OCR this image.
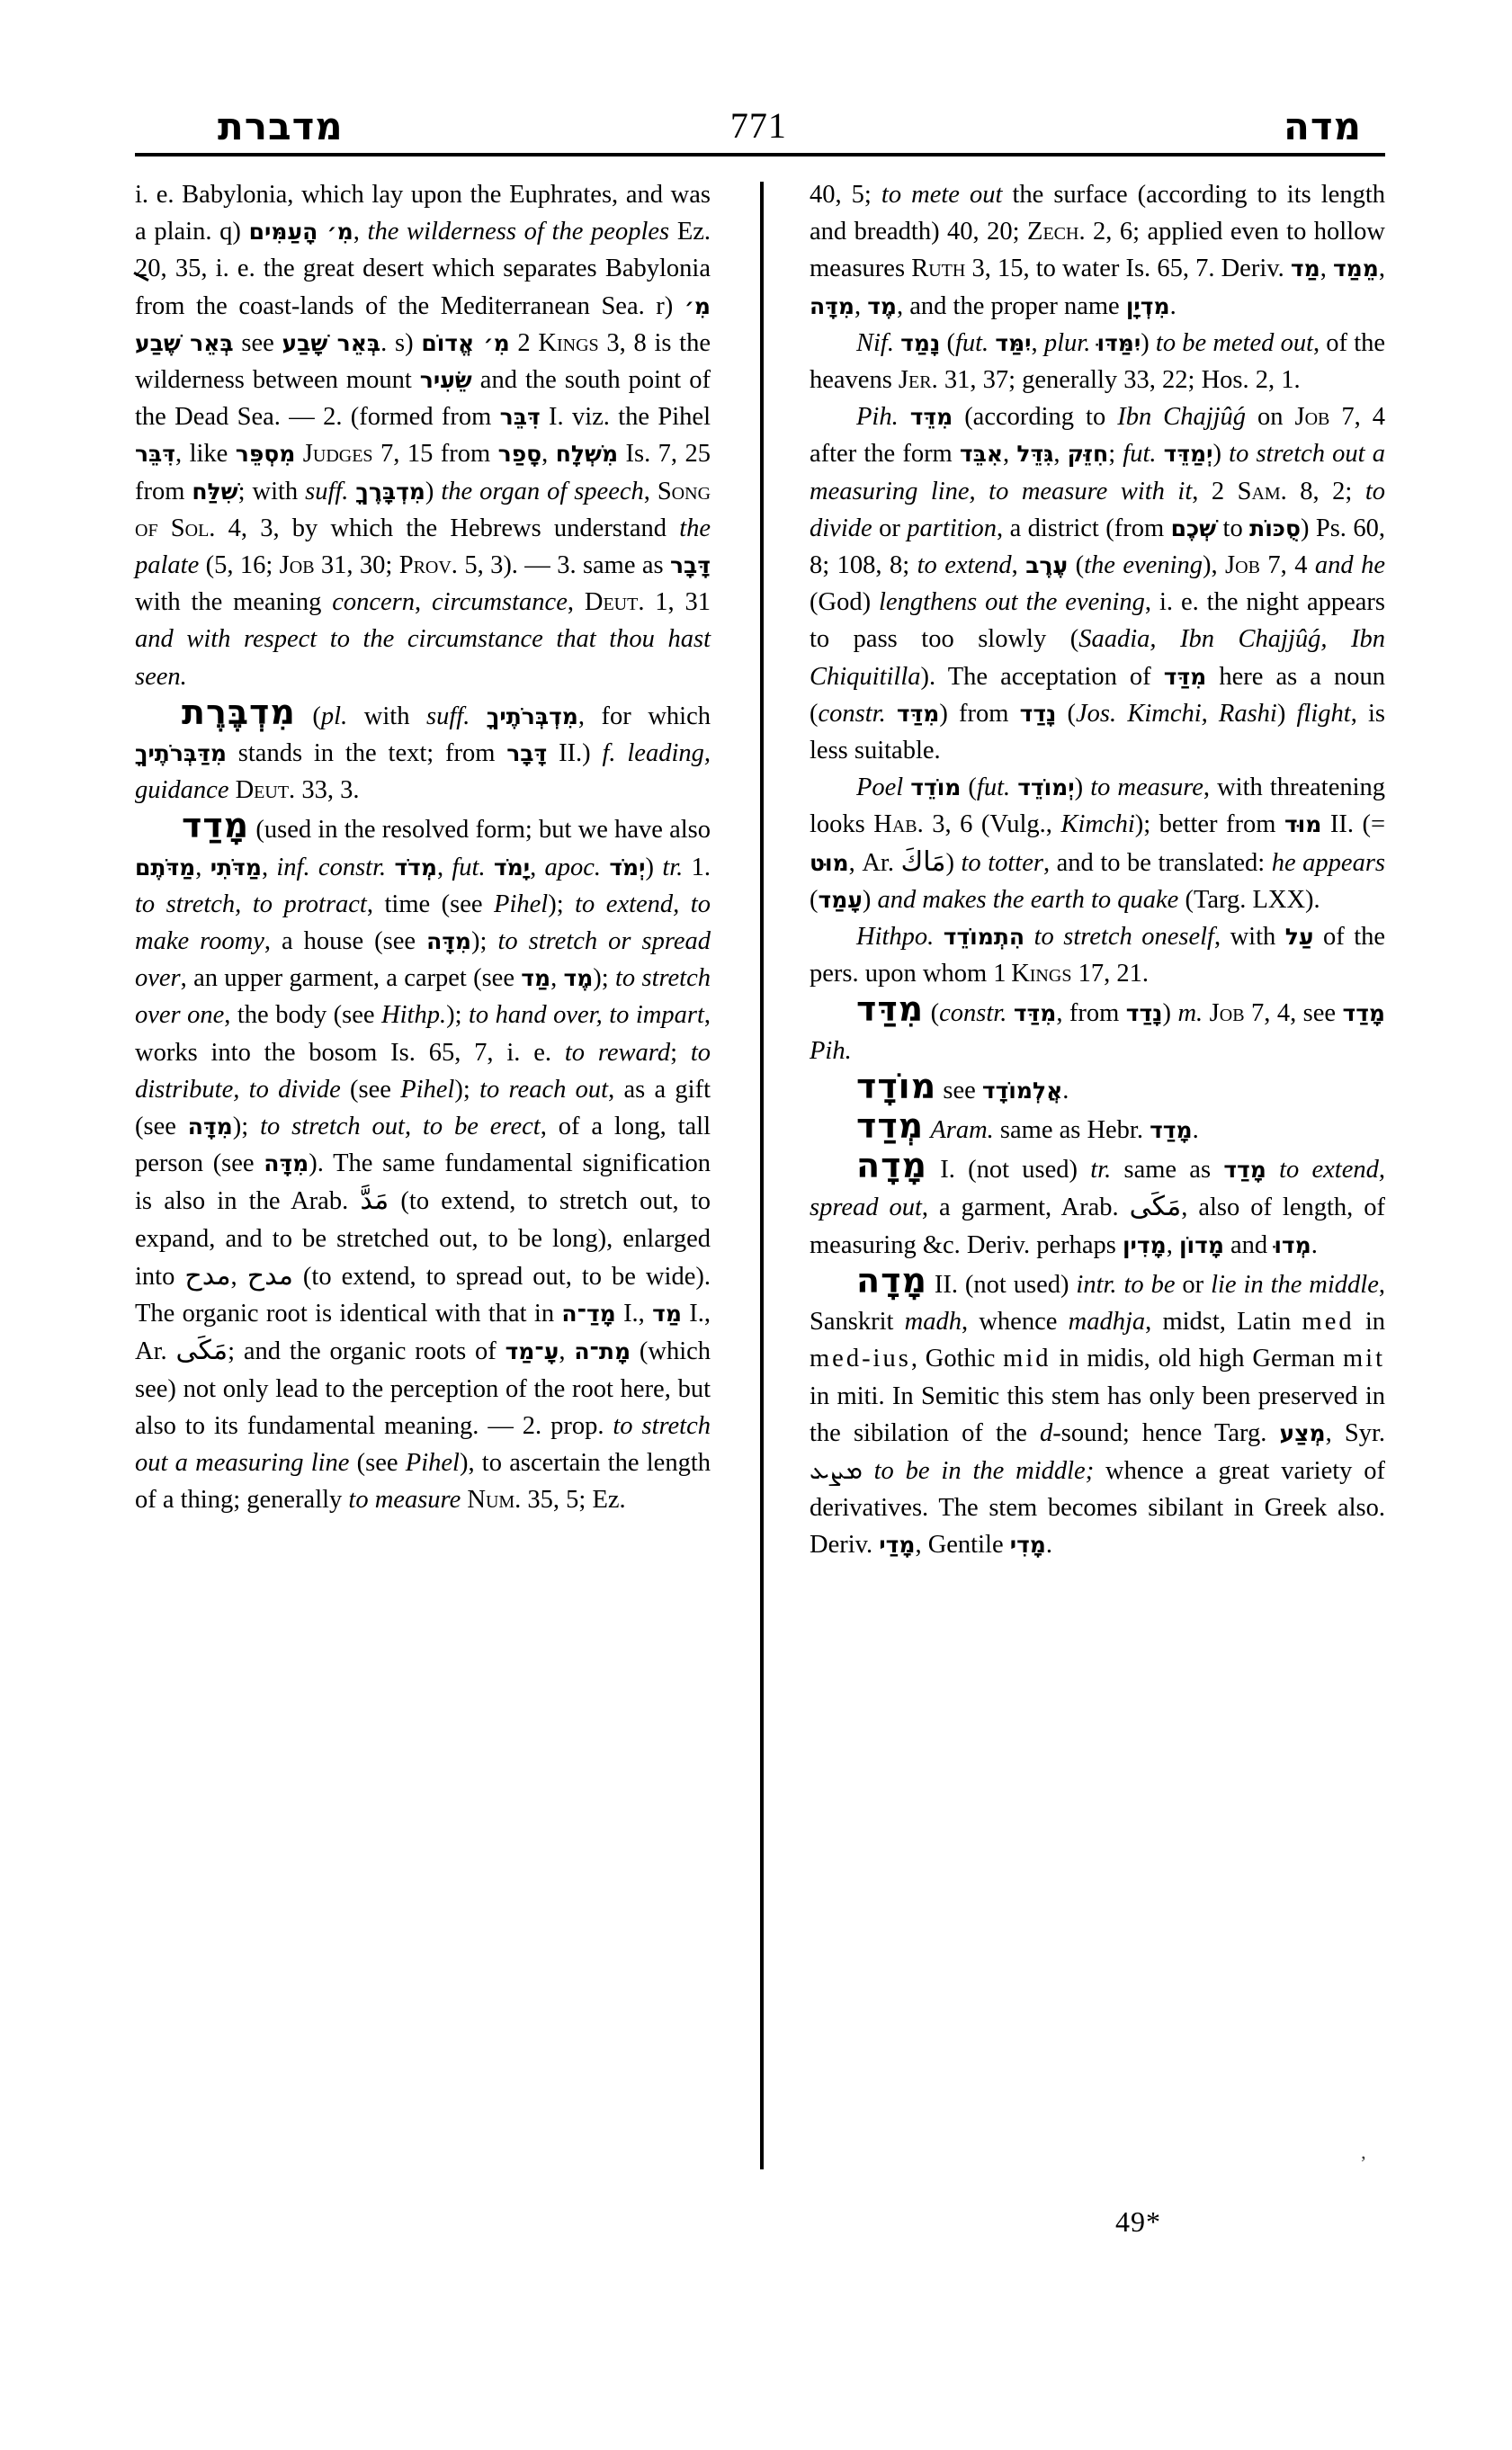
מדברת	771	מדה

i. e. Babylonia, which lay upon the Euphrates, and was a plain. q) מִ׳ הָעַמִּים, the wilderness of the peoples Ez. 20, 35, i. e. the great desert which separates Babylonia from the coast-lands of the Mediterranean Sea. r) מִ׳ בְּאֵר שֶׁבַע see בְּאֵר שָׁבַע. s) מִ׳ אֱדוֹם 2 Kings 3, 8 is the wilderness between mount שֵׂעִיר and the south point of the Dead Sea. — 2. (formed from דִּבֵּר I. viz. the Pihel דִּבֵּר, like מִסְפֵּר Judges 7, 15 from סָפַר, מִשְׁלָח Is. 7, 25 from שִׁלַּח; with suff. מִדְבָּרֶךָ) the organ of speech, Song of Sol. 4, 3, by which the Hebrews understand the palate (5, 16; Job 31, 30; Prov. 5, 3). — 3. same as דָּבָר with the meaning concern, circumstance, Deut. 1, 31 and with respect to the circumstance that thou hast seen.

מִדְבֶּרֶת (pl. with suff. מִדְבְּרֹתֶיךָ, for which מִדַּבְּרֹתֶיךָ stands in the text; from דָּבָר II.) f. leading, guidance Deut. 33, 3.

מָדַד (used in the resolved form; but we have also מַדֹּתֶם, מַדֹּתִי, inf. constr. מְדֹד, fut. יָמֹד, apoc. יְמֹד) tr. 1. to stretch, to protract, time (see Pihel); to extend, to make roomy, a house (see מִדָּה); to stretch or spread over, an upper garment, a carpet (see מַד, מֶד); to stretch over one, the body (see Hithp.); to hand over, to impart, works into the bosom Is. 65, 7, i. e. to reward; to distribute, to divide (see Pihel); to reach out, as a gift (see מִדָּה); to stretch out, to be erect, of a long, tall person (see מִדָּה). The same fundamental signification is also in the Arab. مَدَّ (to extend, to stretch out, to expand, and to be stretched out, to be long), enlarged into مدح, مدح (to extend, to spread out, to be wide). The organic root is identical with that in מָדַ־ה I., מַד I., Ar. مَكَى; and the organic roots of עָ־מַד, מָת־ה (which see) not only lead to the perception of the root here, but also to its fundamental meaning. — 2. prop. to stretch out a measuring line (see Pihel), to ascertain the length of a thing; generally to measure Num. 35, 5; Ez.

40, 5; to mete out the surface (according to its length and breadth) 40, 20; Zech. 2, 6; applied even to hollow measures Ruth 3, 15, to water Is. 65, 7. Deriv. מַד, מֵמַד, מִדָּה, מֶד, and the proper name מִדְיָן.

Nif. נָמַד (fut. יִמַּד, plur. יִמַּדּוּ) to be meted out, of the heavens Jer. 31, 37; generally 33, 22; Hos. 2, 1.

Pih. מִדֵּד (according to Ibn Chajjûǵ on Job 7, 4 after the form אִבֵּד, גִּדֵּל, חִזֵּק; fut. יְמַדֵּד) to stretch out a measuring line, to measure with it, 2 Sam. 8, 2; to divide or partition, a district (from שְׁכֶם to סֻכּוֹת) Ps. 60, 8; 108, 8; to extend, עֶרֶב (the evening), Job 7, 4 and he (God) lengthens out the evening, i. e. the night appears to pass too slowly (Saadia, Ibn Chajjûǵ, Ibn Chiquitilla). The acceptation of מִדַּד here as a noun (constr. מִדַּד) from נָדַד (Jos. Kimchi, Rashi) flight, is less suitable.

Poel מוֹדֵד (fut. יְמוֹדֵד) to measure, with threatening looks Hab. 3, 6 (Vulg., Kimchi); better from מוּד II. (= מוּט, Ar. مَاكَ) to totter, and to be translated: he appears (עָמַד) and makes the earth to quake (Targ. LXX).

Hithpo. הִתְמוֹדֵד to stretch oneself, with עַל of the pers. upon whom 1 Kings 17, 21.

מִדַּד (constr. מִדַּד, from נָדַד) m. Job 7, 4, see מָדַד Pih.

מוֹדָד see אֲלְמוֹדָד.

מְדַד Aram. same as Hebr. מָדַד.

מָדָה I. (not used) tr. same as מָדַד to extend, spread out, a garment, Arab. مَكَى, also of length, of measuring &c. Deriv. perhaps מָדִין, מָדוֹן and מְדוּ.

מָדָה II. (not used) intr. to be or lie in the middle, Sanskrit madh, whence madhja, midst, Latin med in med-ius, Gothic mid in midis, old high German mit in miti. In Semitic this stem has only been preserved in the sibilation of the d-sound; hence Targ. מְצַע, Syr. ܡܨܥ to be in the middle; whence a great variety of derivatives. The stem becomes sibilant in Greek also. Deriv. מָדַי, Gentile מָדִי.

49*
’
